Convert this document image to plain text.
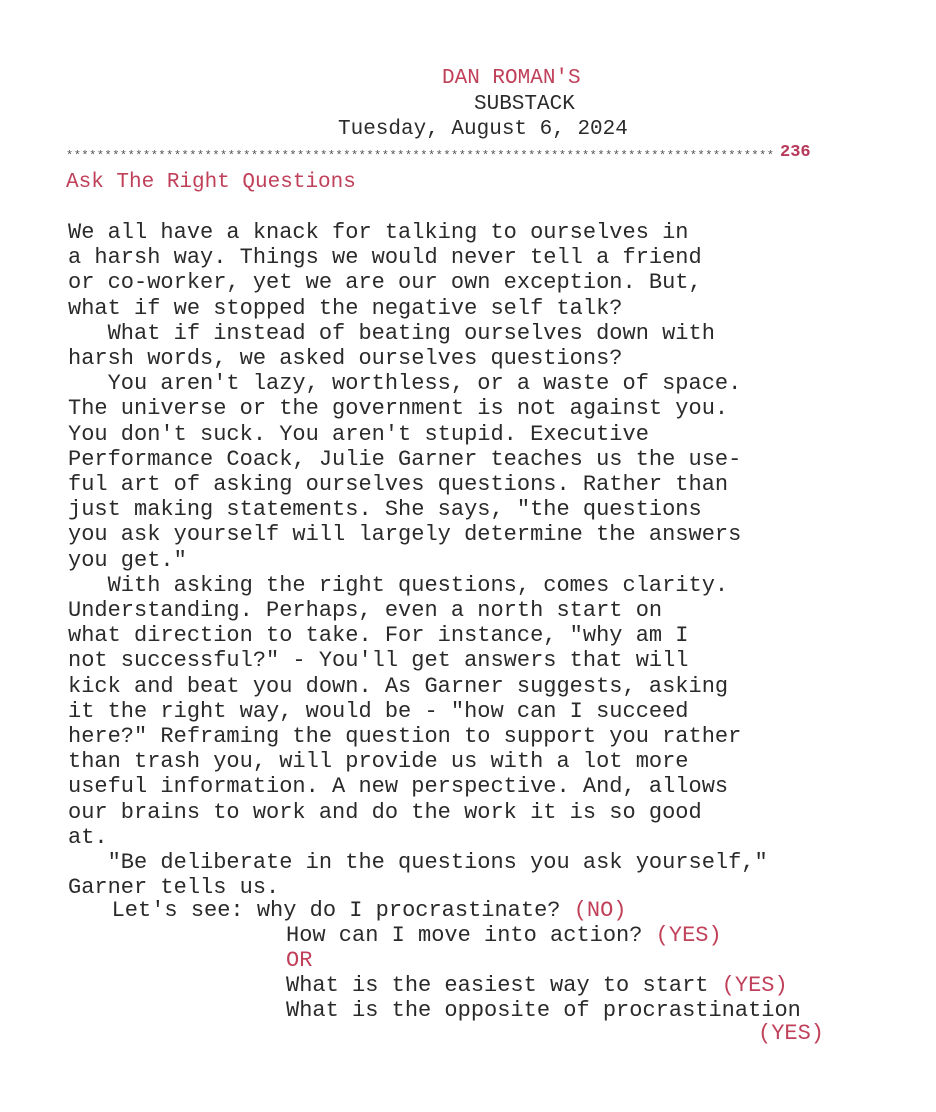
DAN ROMAN'S
SUBSTACK
Tuesday, August 6, 2024
******************************************************************************************** 236
Ask The Right Questions
We all have a knack for talking to ourselves in
a harsh way. Things we would never tell a friend
or co-worker, yet we are our own exception. But,
what if we stopped the negative self talk?
What if instead of beating ourselves down with
harsh words, we asked ourselves questions?
You aren't lazy, worthless, or a waste of space.
The universe or the government is not against you.
You don't suck. You aren't stupid. Executive
Performance Coack, Julie Garner teaches us the use-
ful art of asking ourselves questions. Rather than
just making statements. She says, "the questions
you ask yourself will largely determine the answers
you get."
With asking the right questions, comes clarity.
Understanding. Perhaps, even a north start on
what direction to take. For instance, "why am I
not successful?" - You'll get answers that will
kick and beat you down. As Garner suggests, asking
it the right way, would be - "how can I succeed
here?" Reframing the question to support you rather
than trash you, will provide us with a lot more
useful information. A new perspective. And, allows
our brains to work and do the work it is so good
at.
"Be deliberate in the questions you ask yourself,"
Garner tells us.
Let's see: why do I procrastinate? (NO)
How can I move into action? (YES)
OR
What is the easiest way to start (YES)
What is the opposite of procrastination
(YES)
